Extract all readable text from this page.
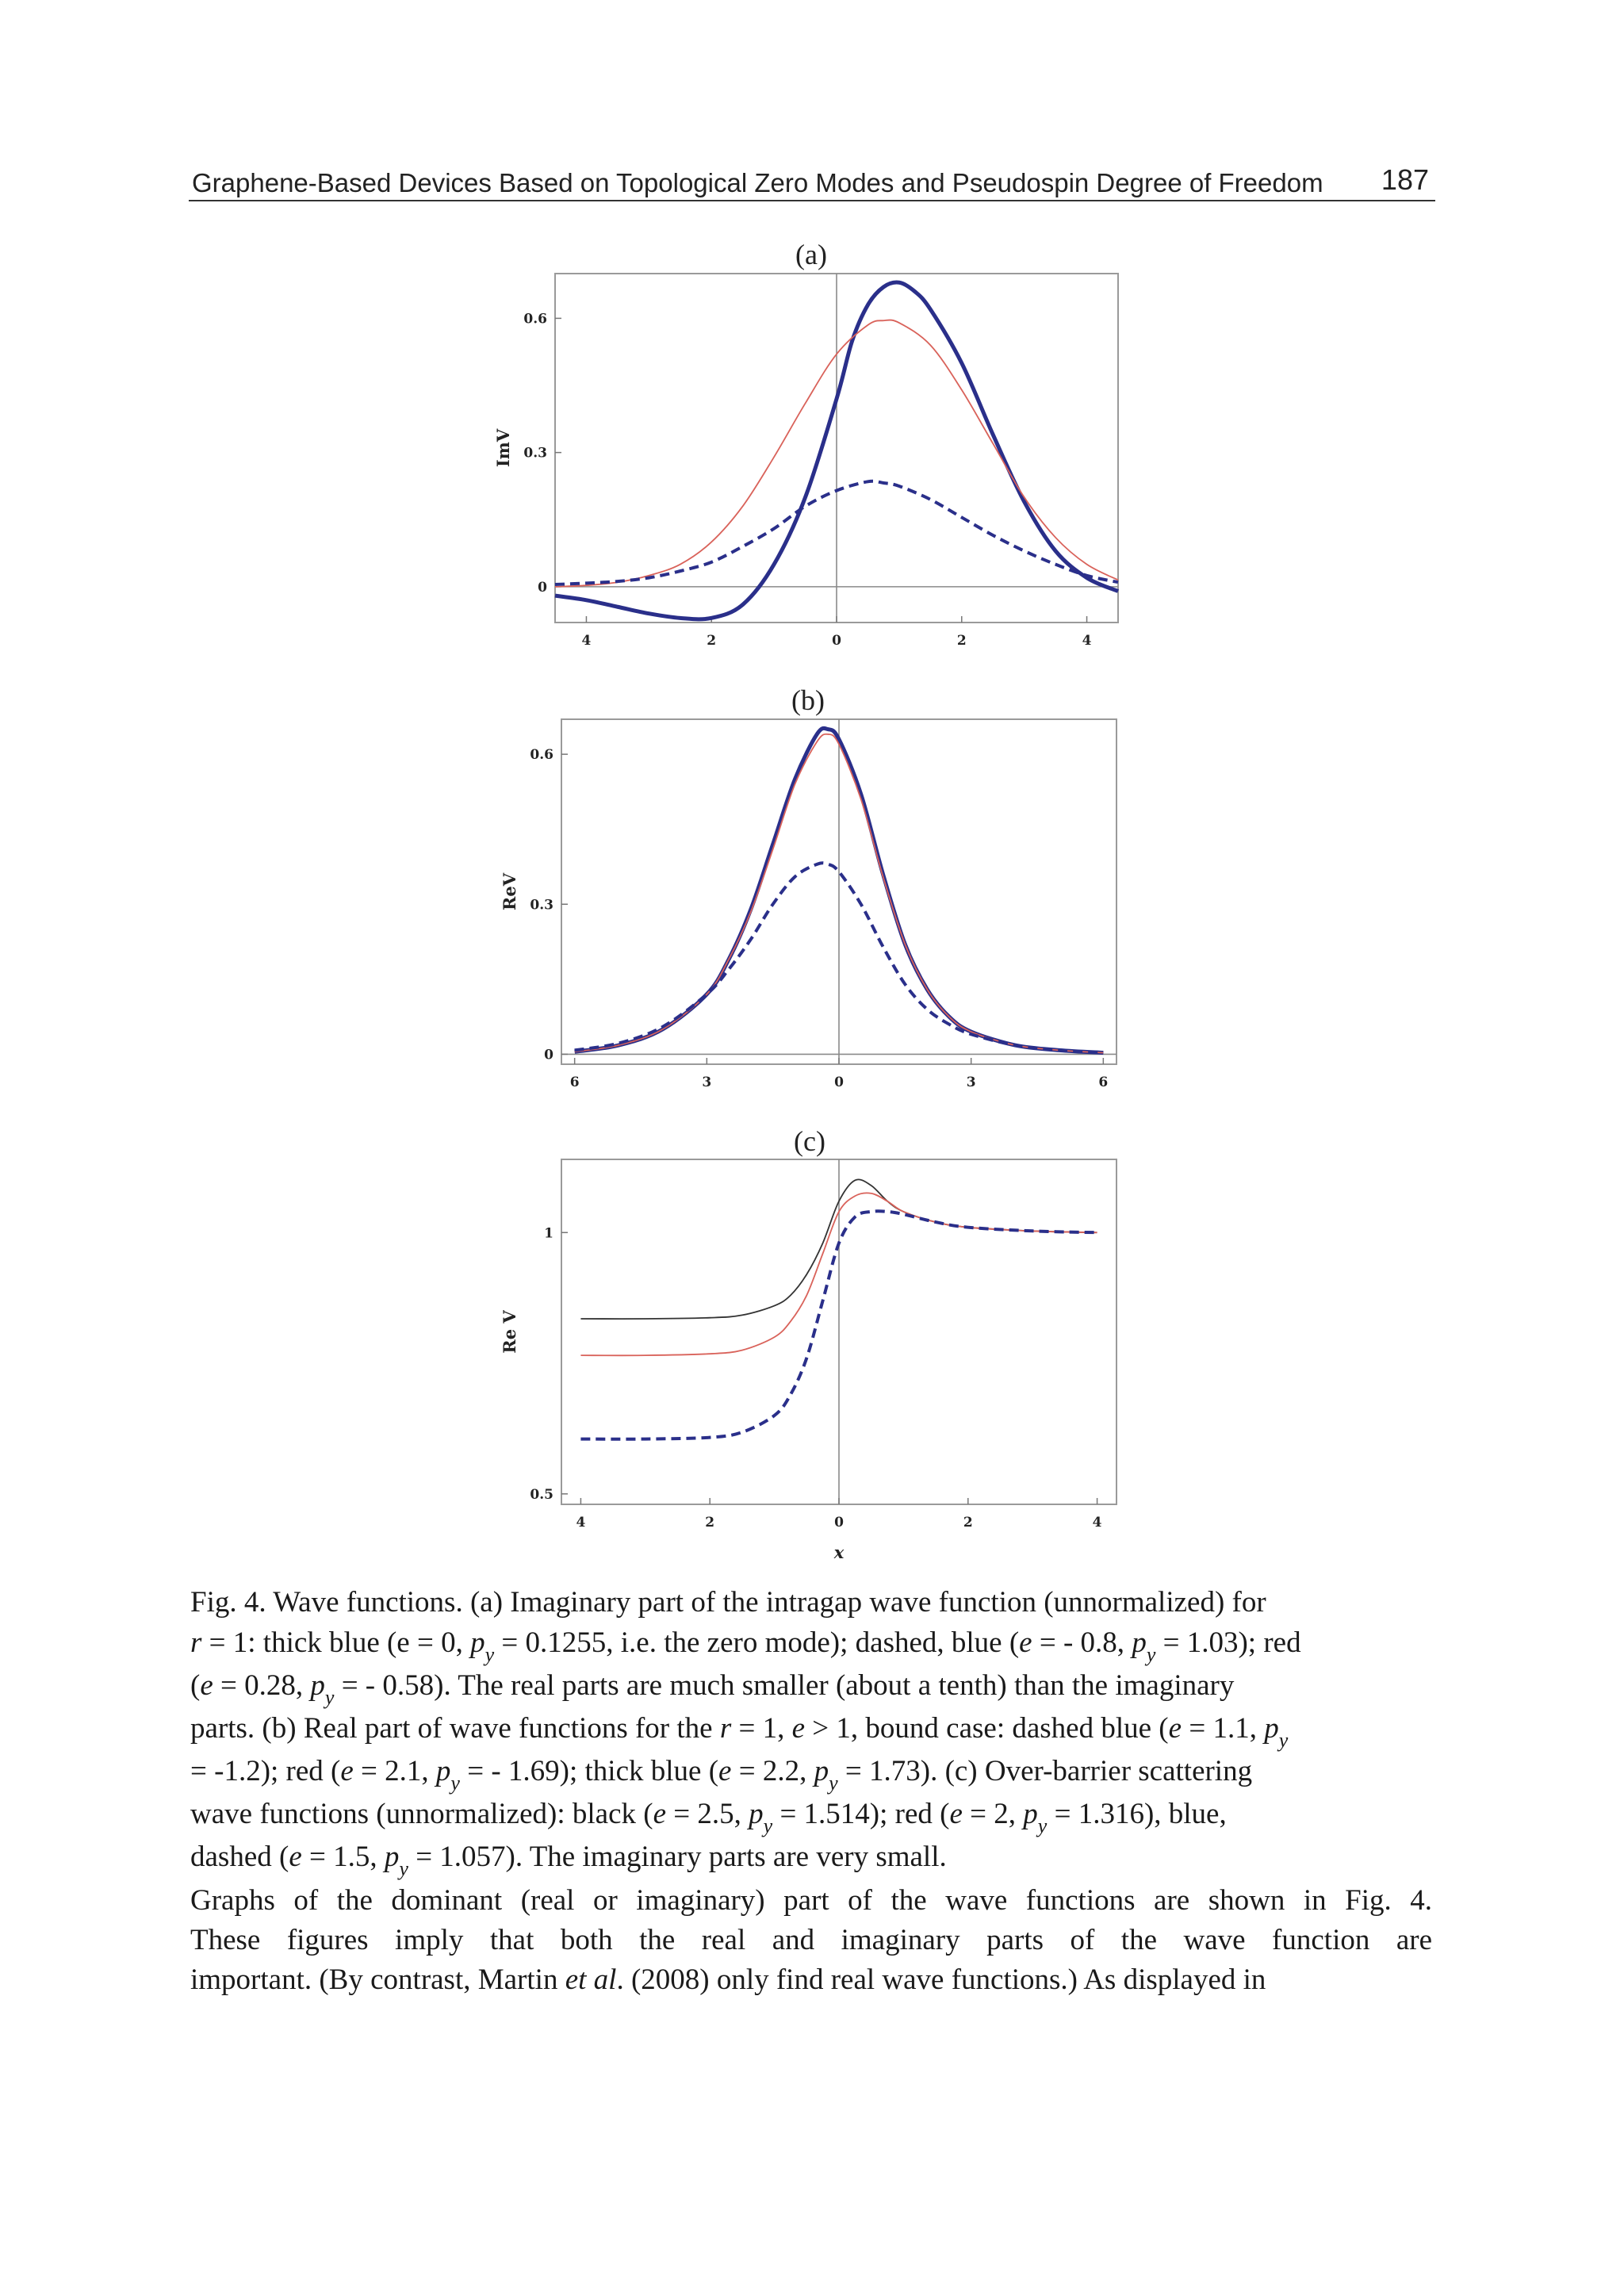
Graphene-Based Devices Based on Topological Zero Modes and Pseudospin Degree of Freedom 187
(a)
4	2	0	2	4
0
0.3
0.6
ImV
(b)
6	3	0	3	6
0
0.3
0.6
ReV
(c)
4	2	0	2	4
0.5
1
Re V
x
Fig. 4. Wave functions. (a) Imaginary part of the intragap wave function (unnormalized) for
r = 1: thick blue (e = 0, $p_y = 0.1255$, i.e. the zero mode); dashed, blue (e = - 0.8, $p_y = 1.03$); red
(e = 0.28, $p_y$ = - 0.58). The real parts are much smaller (about a tenth) than the imaginary
parts. (b) Real part of wave functions for the r = 1, e > 1, bound case: dashed blue (e = 1.1, $p_y$
= -1.2); red (e = 2.1, $p_y$ = - 1.69); thick blue (e = 2.2, $p_y = 1.73$). (c) Over-barrier scattering
wave functions (unnormalized): black (e = 2.5, $p_y = 1.514$); red (e = 2, $p_y = 1.316$), blue,
dashed (e = 1.5, $p_y = 1.057$). The imaginary parts are very small.
Graphs of the dominant (real or imaginary) part of the wave functions are shown in Fig. 4.
These figures imply that both the real and imaginary parts of the wave function are
important. (By contrast, Martin et al. (2008) only find real wave functions.) As displayed in
